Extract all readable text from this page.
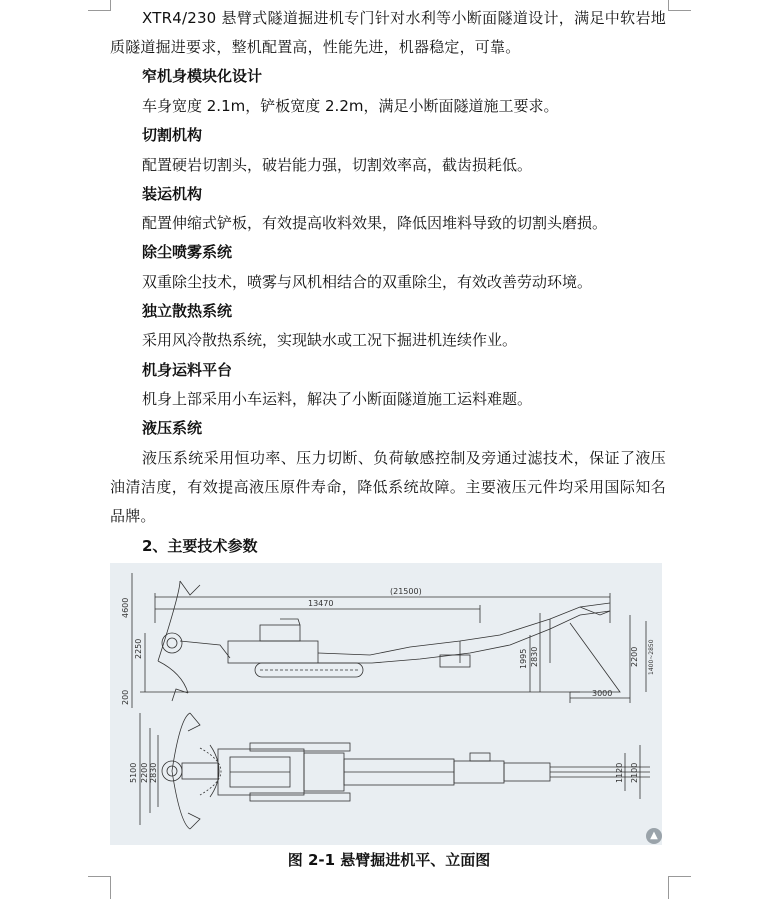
XTR4/230 悬臂式隧道掘进机专门针对水利等小断面隧道设计，满足中软岩地质隧道掘进要求，整机配置高，性能先进，机器稳定，可靠。
窄机身模块化设计
车身宽度 2.1m，铲板宽度 2.2m，满足小断面隧道施工要求。
切割机构
配置硬岩切割头，破岩能力强，切割效率高，截齿损耗低。
装运机构
配置伸缩式铲板，有效提高收料效果，降低因堆料导致的切割头磨损。
除尘喷雾系统
双重除尘技术，喷雾与风机相结合的双重除尘，有效改善劳动环境。
独立散热系统
采用风冷散热系统，实现缺水或工况下掘进机连续作业。
机身运料平台
机身上部采用小车运料，解决了小断面隧道施工运料难题。
液压系统
液压系统采用恒功率、压力切断、负荷敏感控制及旁通过滤技术，保证了液压油清洁度，有效提高液压原件寿命，降低系统故障。主要液压元件均采用国际知名品牌。
2、主要技术参数
(21500)
13470
4600
2250
200
1995 2830	2200 1400~2850
3000
5100 2200 2830	1120 2100
▲
图 2-1 悬臂掘进机平、立面图
